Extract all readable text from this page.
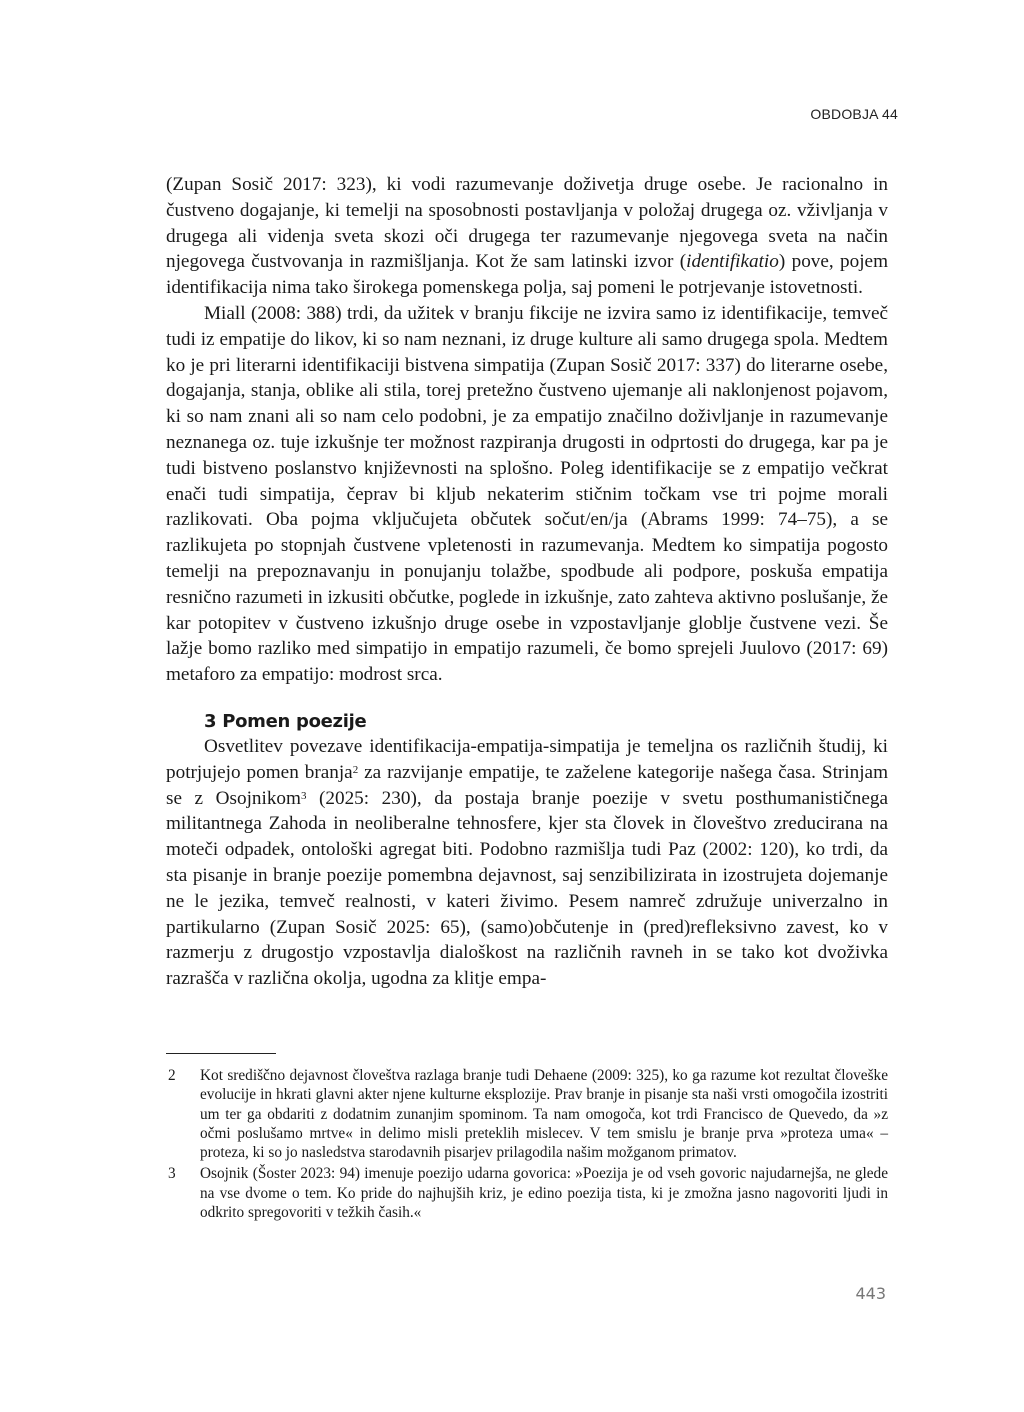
OBDOBJA 44

(Zupan Sosič 2017: 323), ki vodi razumevanje doživetja druge osebe. Je racionalno in čustveno dogajanje, ki temelji na sposobnosti postavljanja v položaj drugega oz. vživljanja v drugega ali videnja sveta skozi oči drugega ter razumevanje njegovega sveta na način njegovega čustvovanja in razmišljanja. Kot že sam latinski izvor (identifikatio) pove, pojem identifikacija nima tako širokega pomenskega polja, saj pomeni le potrjevanje istovetnosti.

Miall (2008: 388) trdi, da užitek v branju fikcije ne izvira samo iz identifikacije, temveč tudi iz empatije do likov, ki so nam neznani, iz druge kulture ali samo drugega spola. Medtem ko je pri literarni identifikaciji bistvena simpatija (Zupan Sosič 2017: 337) do literarne osebe, dogajanja, stanja, oblike ali stila, torej pretežno čustveno ujemanje ali naklonjenost pojavom, ki so nam znani ali so nam celo podobni, je za empatijo značilno doživljanje in razumevanje neznanega oz. tuje izkušnje ter možnost razpiranja drugosti in odprtosti do drugega, kar pa je tudi bistveno poslanstvo književnosti na splošno. Poleg identifikacije se z empatijo večkrat enači tudi simpatija, čeprav bi kljub nekaterim stičnim točkam vse tri pojme morali razlikovati. Oba pojma vključujeta občutek sočut/en/ja (Abrams 1999: 74–75), a se razlikujeta po stopnjah čustvene vpletenosti in razumevanja. Medtem ko simpatija pogosto temelji na prepoznavanju in ponujanju tolažbe, spodbude ali podpore, poskuša empatija resnično razumeti in izkusiti občutke, poglede in izkušnje, zato zahteva aktivno poslušanje, že kar potopitev v čustveno izkušnjo druge osebe in vzpostavljanje globlje čustvene vezi. Še lažje bomo razliko med simpatijo in empatijo razumeli, če bomo sprejeli Juulovo (2017: 69) metaforo za empatijo: modrost srca.

3 Pomen poezije

Osvetlitev povezave identifikacija-empatija-simpatija je temeljna os različnih študij, ki potrjujejo pomen branja$^2$ za razvijanje empatije, te zaželene kategorije našega časa. Strinjam se z Osojnikom$^3$ (2025: 230), da postaja branje poezije v svetu posthumanističnega militantnega Zahoda in neoliberalne tehnosfere, kjer sta človek in človeštvo zreducirana na moteči odpadek, ontološki agregat biti. Podobno razmišlja tudi Paz (2002: 120), ko trdi, da sta pisanje in branje poezije pomembna dejavnost, saj senzibilizirata in izostrujeta dojemanje ne le jezika, temveč realnosti, v kateri živimo. Pesem namreč združuje univerzalno in partikularno (Zupan Sosič 2025: 65), (samo)občutenje in (pred)refleksivno zavest, ko v razmerju z drugostjo vzpostavlja dialoškost na različnih ravneh in se tako kot dvoživka razrašča v različna okolja, ugodna za klitje empa-

2	Kot središčno dejavnost človeštva razlaga branje tudi Dehaene (2009: 325), ko ga razume kot rezultat človeške evolucije in hkrati glavni akter njene kulturne eksplozije. Prav branje in pisanje sta naši vrsti omogočila izostriti um ter ga obdariti z dodatnim zunanjim spominom. Ta nam omogoča, kot trdi Francisco de Quevedo, da »z očmi poslušamo mrtve« in delimo misli preteklih mislecev. V tem smislu je branje prva »proteza uma« – proteza, ki so jo nasledstva starodavnih pisarjev prilagodila našim možganom primatov.
3	Osojnik (Šoster 2023: 94) imenuje poezijo udarna govorica: »Poezija je od vseh govoric najudarnejša, ne glede na vse dvome o tem. Ko pride do najhujših kriz, je edino poezija tista, ki je zmožna jasno nagovoriti ljudi in odkrito spregovoriti v težkih časih.«
443
